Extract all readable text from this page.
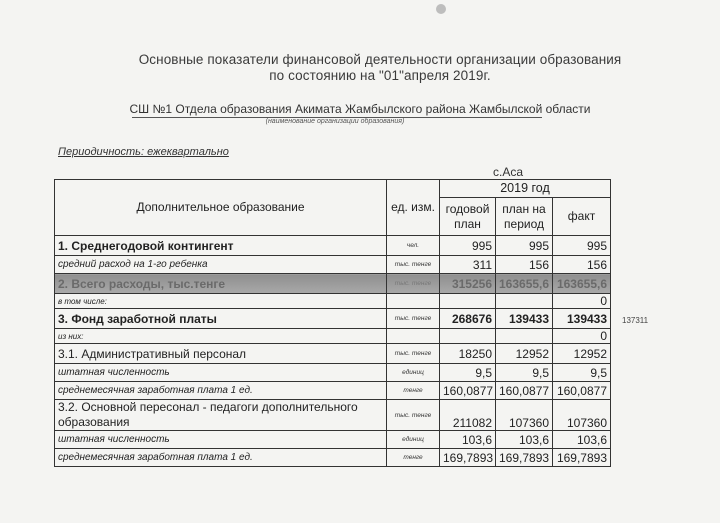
Основные показатели финансовой деятельности организации образования
по состоянию на "01"апреля 2019г.
СШ №1 Отдела образования Акимата Жамбылского района Жамбылской области
(наименование организации образования)
Периодичность: ежеквартально
с.Аса
Дополнительное образование	ед. изм.	2019 год		
		годовой план	план на период	факт
1. Среднегодовой контингент	чел.	995	995	995
средний расход на 1-го ребенка	тыс. тенге	311	156	156
2. Всего расходы, тыс.тенге	тыс. тенге	315256	163655,6	163655,6
в том числе:				0
3. Фонд заработной платы	тыс. тенге	268676	139433	139433
из них:				0
3.1. Административный персонал	тыс. тенге	18250	12952	12952
штатная численность	единиц	9,5	9,5	9,5
среднемесячная заработная плата 1 ед.	тенге	160,0877	160,0877	160,0877
3.2. Основной пересонал - педагоги дополнительного образования	тыс. тенге	211082	107360	107360
штатная численность	единиц	103,6	103,6	103,6
среднемесячная заработная плата 1 ед.	тенге	169,7893	169,7893	169,7893
137311
